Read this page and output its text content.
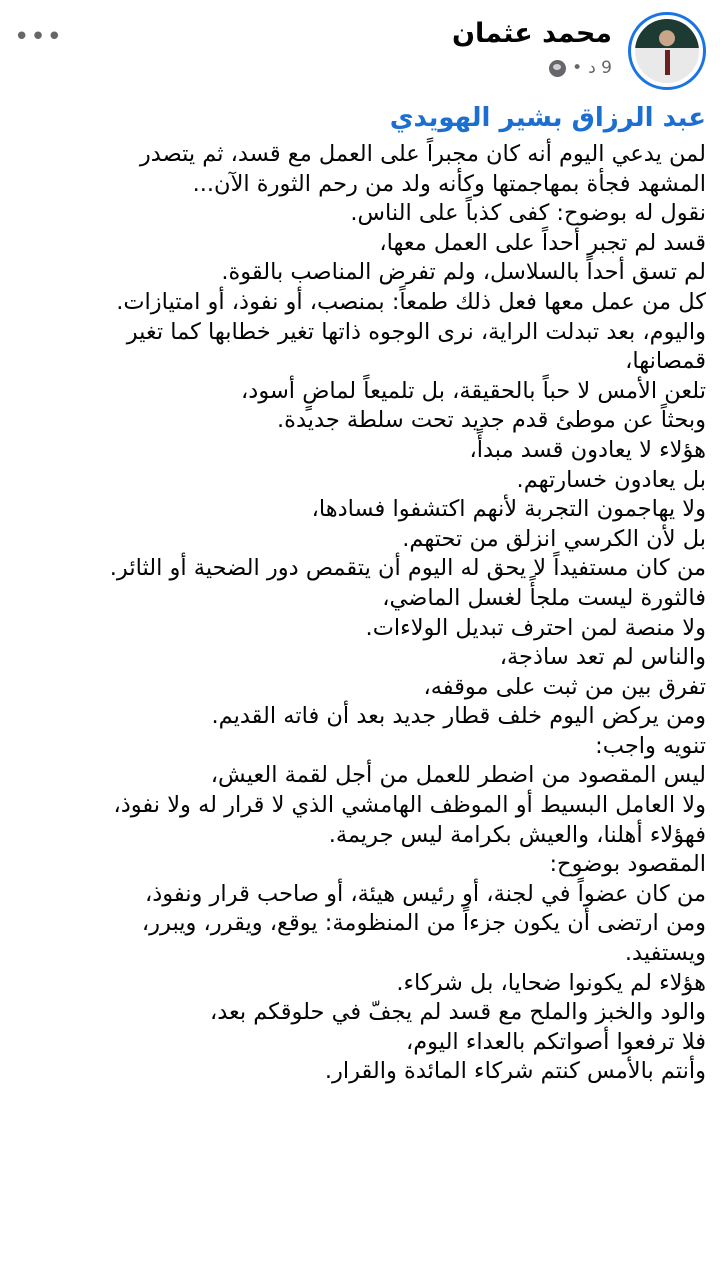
محمد عثمان
9 د
•
•••
عبد الرزاق بشير الهويدي
لمن يدعي اليوم أنه كان مجبراً على العمل مع قسد، ثم يتصدر
المشهد فجأة بمهاجمتها وكأنه ولد من رحم الثورة الآن...
نقول له بوضوح: كفى كذباً على الناس.
قسد لم تجبر أحداً على العمل معها،
لم تسق أحداً بالسلاسل، ولم تفرض المناصب بالقوة.
كل من عمل معها فعل ذلك طمعاً: بمنصب، أو نفوذ، أو امتيازات.
واليوم، بعد تبدلت الراية، نرى الوجوه ذاتها تغير خطابها كما تغير
قمصانها،
تلعن الأمس لا حباً بالحقيقة، بل تلميعاً لماضٍ أسود،
وبحثاً عن موطئ قدم جديد تحت سلطة جديدة.
هؤلاء لا يعادون قسد مبدأً،
بل يعادون خسارتهم.
ولا يهاجمون التجربة لأنهم اكتشفوا فسادها،
بل لأن الكرسي انزلق من تحتهم.
من كان مستفيداً لا يحق له اليوم أن يتقمص دور الضحية أو الثائر.
فالثورة ليست ملجأً لغسل الماضي،
ولا منصة لمن احترف تبديل الولاءات.
والناس لم تعد ساذجة،
تفرق بين من ثبت على موقفه،
ومن يركض اليوم خلف قطار جديد بعد أن فاته القديم.
تنويه واجب:
ليس المقصود من اضطر للعمل من أجل لقمة العيش،
ولا العامل البسيط أو الموظف الهامشي الذي لا قرار له ولا نفوذ،
فهؤلاء أهلنا، والعيش بكرامة ليس جريمة.
المقصود بوضوح:
من كان عضواً في لجنة، أو رئيس هيئة، أو صاحب قرار ونفوذ،
ومن ارتضى أن يكون جزءاً من المنظومة: يوقع، ويقرر، ويبرر،
ويستفيد.
هؤلاء لم يكونوا ضحايا، بل شركاء.
والود والخبز والملح مع قسد لم يجفّ في حلوقكم بعد،
فلا ترفعوا أصواتكم بالعداء اليوم،
وأنتم بالأمس كنتم شركاء المائدة والقرار.
